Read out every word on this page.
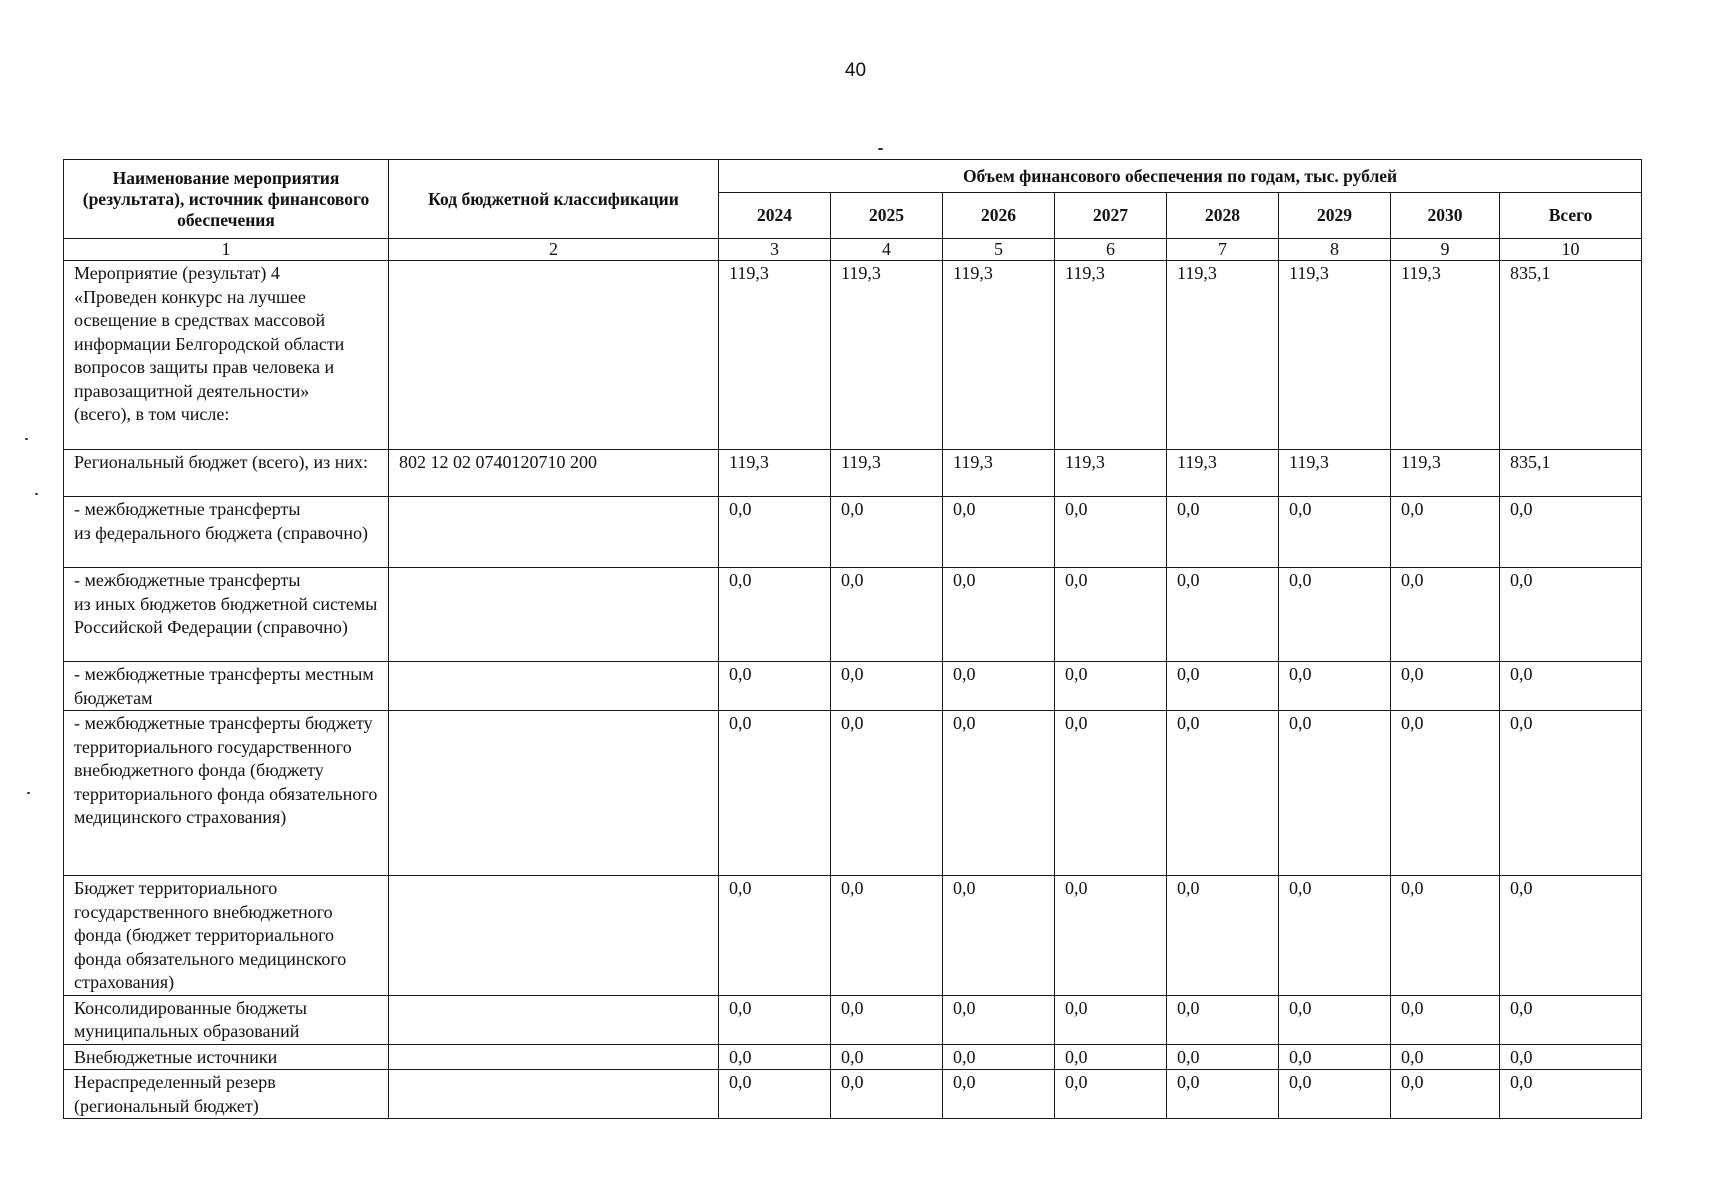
40
Наименование мероприятия (результата), источник финансового обеспечения	Код бюджетной классификации	Объем финансового обеспечения по годам, тыс. рублей							
		2024	2025	2026	2027	2028	2029	2030	Всего
1	2	3	4	5	6	7	8	9	10
Мероприятие (результат) 4
«Проведен конкурс на лучшее освещение в средствах массовой информации Белгородской области вопросов защиты прав человека и правозащитной деятельности»
(всего), в том числе:		119,3	119,3	119,3	119,3	119,3	119,3	119,3	835,1
Региональный бюджет (всего), из них:	802 12 02 0740120710 200	119,3	119,3	119,3	119,3	119,3	119,3	119,3	835,1
- межбюджетные трансферты
из федерального бюджета (справочно)		0,0	0,0	0,0	0,0	0,0	0,0	0,0	0,0
- межбюджетные трансферты
из иных бюджетов бюджетной системы Российской Федерации (справочно)		0,0	0,0	0,0	0,0	0,0	0,0	0,0	0,0
- межбюджетные трансферты местным бюджетам		0,0	0,0	0,0	0,0	0,0	0,0	0,0	0,0
- межбюджетные трансферты бюджету территориального государственного внебюджетного фонда (бюджету территориального фонда обязательного медицинского страхования)		0,0	0,0	0,0	0,0	0,0	0,0	0,0	0,0
Бюджет территориального государственного внебюджетного фонда (бюджет территориального фонда обязательного медицинского страхования)		0,0	0,0	0,0	0,0	0,0	0,0	0,0	0,0
Консолидированные бюджеты муниципальных образований		0,0	0,0	0,0	0,0	0,0	0,0	0,0	0,0
Внебюджетные источники		0,0	0,0	0,0	0,0	0,0	0,0	0,0	0,0
Нераспределенный резерв (региональный бюджет)		0,0	0,0	0,0	0,0	0,0	0,0	0,0	0,0
